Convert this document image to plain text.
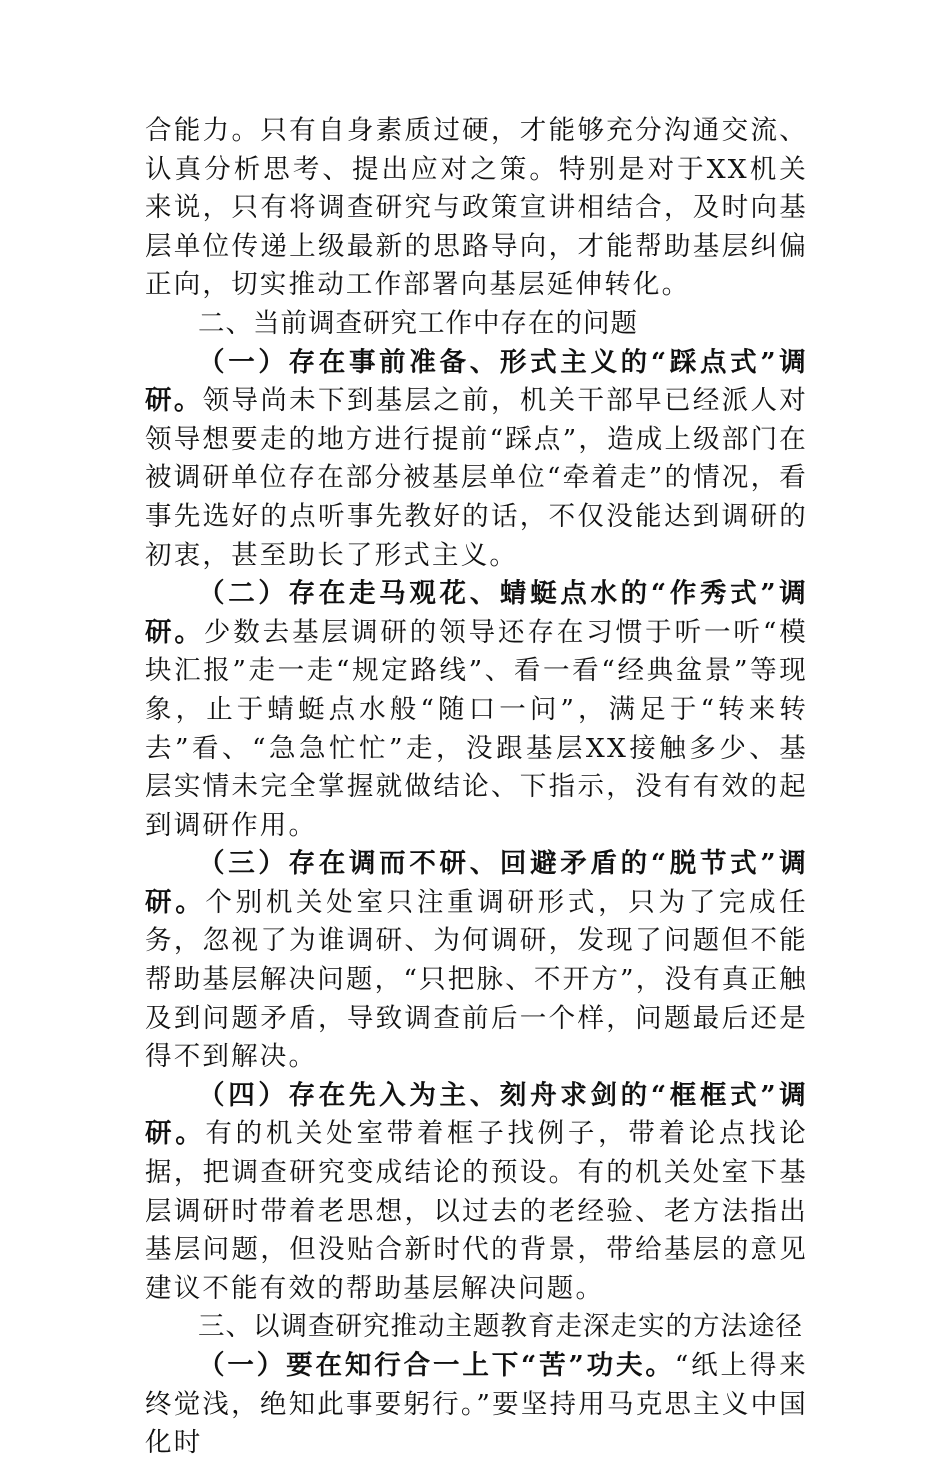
合能力。只有自身素质过硬，才能够充分沟通交流、认真分析思考、提出应对之策。特别是对于XX机关来说，只有将调查研究与政策宣讲相结合，及时向基层单位传递上级最新的思路导向，才能帮助基层纠偏正向，切实推动工作部署向基层延伸转化。

二、当前调查研究工作中存在的问题

（一）存在事前准备、形式主义的“踩点式”调研。领导尚未下到基层之前，机关干部早已经派人对领导想要走的地方进行提前“踩点”，造成上级部门在被调研单位存在部分被基层单位“牵着走”的情况，看事先选好的点听事先教好的话，不仅没能达到调研的初衷，甚至助长了形式主义。

（二）存在走马观花、蜻蜓点水的“作秀式”调研。少数去基层调研的领导还存在习惯于听一听“模块汇报”走一走“规定路线”、看一看“经典盆景”等现象，止于蜻蜓点水般“随口一问”，满足于“转来转去”看、“急急忙忙”走，没跟基层XX接触多少、基层实情未完全掌握就做结论、下指示，没有有效的起到调研作用。

（三）存在调而不研、回避矛盾的“脱节式”调研。个别机关处室只注重调研形式，只为了完成任务，忽视了为谁调研、为何调研，发现了问题但不能帮助基层解决问题，“只把脉、不开方”，没有真正触及到问题矛盾，导致调查前后一个样，问题最后还是得不到解决。

（四）存在先入为主、刻舟求剑的“框框式”调研。有的机关处室带着框子找例子，带着论点找论据，把调查研究变成结论的预设。有的机关处室下基层调研时带着老思想，以过去的老经验、老方法指出基层问题，但没贴合新时代的背景，带给基层的意见建议不能有效的帮助基层解决问题。

三、以调查研究推动主题教育走深走实的方法途径

（一）要在知行合一上下“苦”功夫。“纸上得来终觉浅，绝知此事要躬行。”要坚持用马克思主义中国化时
